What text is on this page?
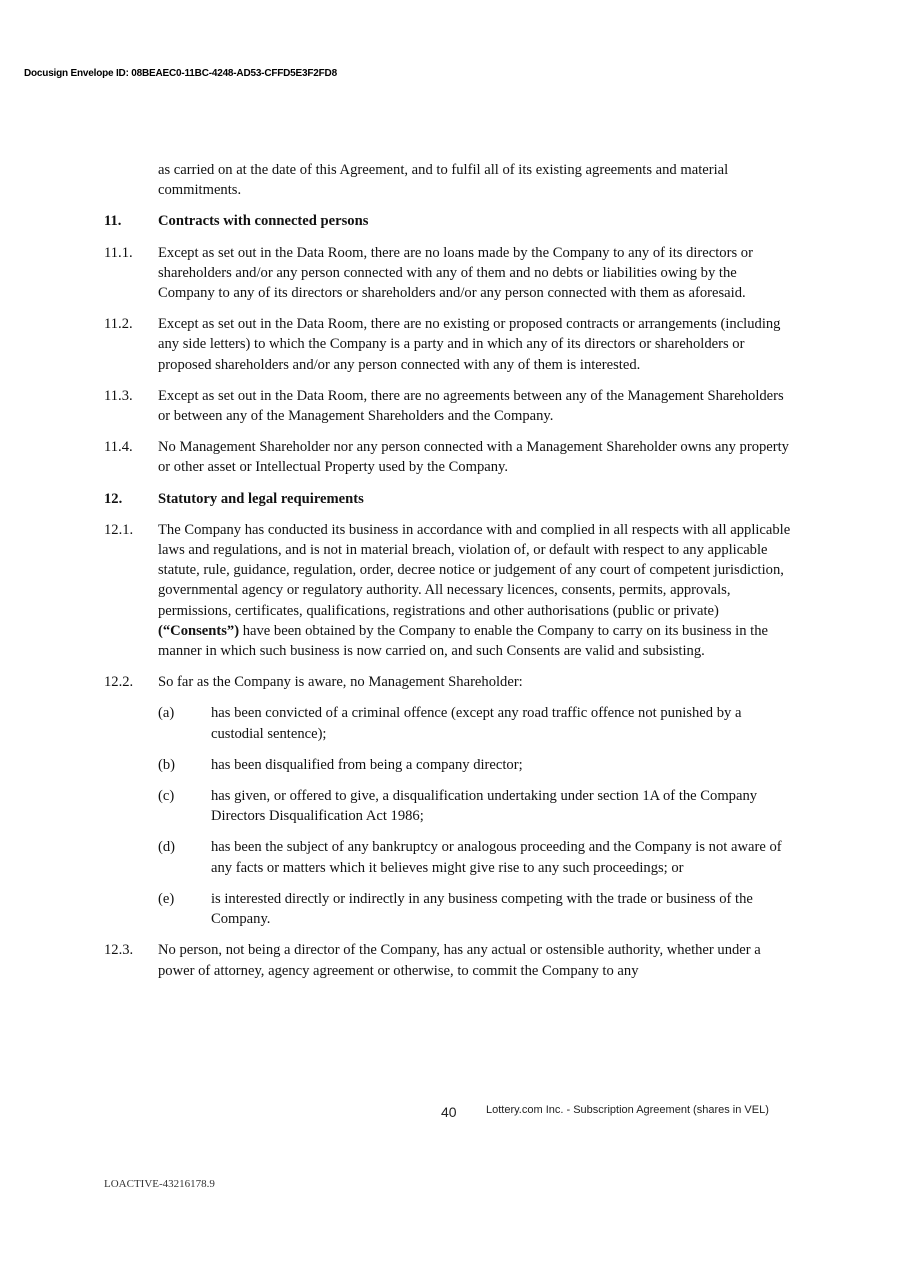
Docusign Envelope ID: 08BEAEC0-11BC-4248-AD53-CFFD5E3F2FD8

as carried on at the date of this Agreement, and to fulfil all of its existing agreements and material commitments.

11.	Contracts with connected persons
11.1.	Except as set out in the Data Room, there are no loans made by the Company to any of its directors or shareholders and/or any person connected with any of them and no debts or liabilities owing by the Company to any of its directors or shareholders and/or any person connected with them as aforesaid.
11.2.	Except as set out in the Data Room, there are no existing or proposed contracts or arrangements (including any side letters) to which the Company is a party and in which any of its directors or shareholders or proposed shareholders and/or any person connected with any of them is interested.
11.3.	Except as set out in the Data Room, there are no agreements between any of the Management Shareholders or between any of the Management Shareholders and the Company.
11.4.	No Management Shareholder nor any person connected with a Management Shareholder owns any property or other asset or Intellectual Property used by the Company.
12.	Statutory and legal requirements
12.1.	The Company has conducted its business in accordance with and complied in all respects with all applicable laws and regulations, and is not in material breach, violation of, or default with respect to any applicable statute, rule, guidance, regulation, order, decree notice or judgement of any court of competent jurisdiction, governmental agency or regulatory authority. All necessary licences, consents, permits, approvals, permissions, certificates, qualifications, registrations and other authorisations (public or private) (“Consents”) have been obtained by the Company to enable the Company to carry on its business in the manner in which such business is now carried on, and such Consents are valid and subsisting.
12.2.	So far as the Company is aware, no Management Shareholder:
(a)	has been convicted of a criminal offence (except any road traffic offence not punished by a custodial sentence);
(b)	has been disqualified from being a company director;
(c)	has given, or offered to give, a disqualification undertaking under section 1A of the Company Directors Disqualification Act 1986;
(d)	has been the subject of any bankruptcy or analogous proceeding and the Company is not aware of any facts or matters which it believes might give rise to any such proceedings; or
(e)	is interested directly or indirectly in any business competing with the trade or business of the Company.
12.3.	No person, not being a director of the Company, has any actual or ostensible authority, whether under a power of attorney, agency agreement or otherwise, to commit the Company to any
40	Lottery.com Inc. - Subscription Agreement (shares in VEL)
LOACTIVE-43216178.9
